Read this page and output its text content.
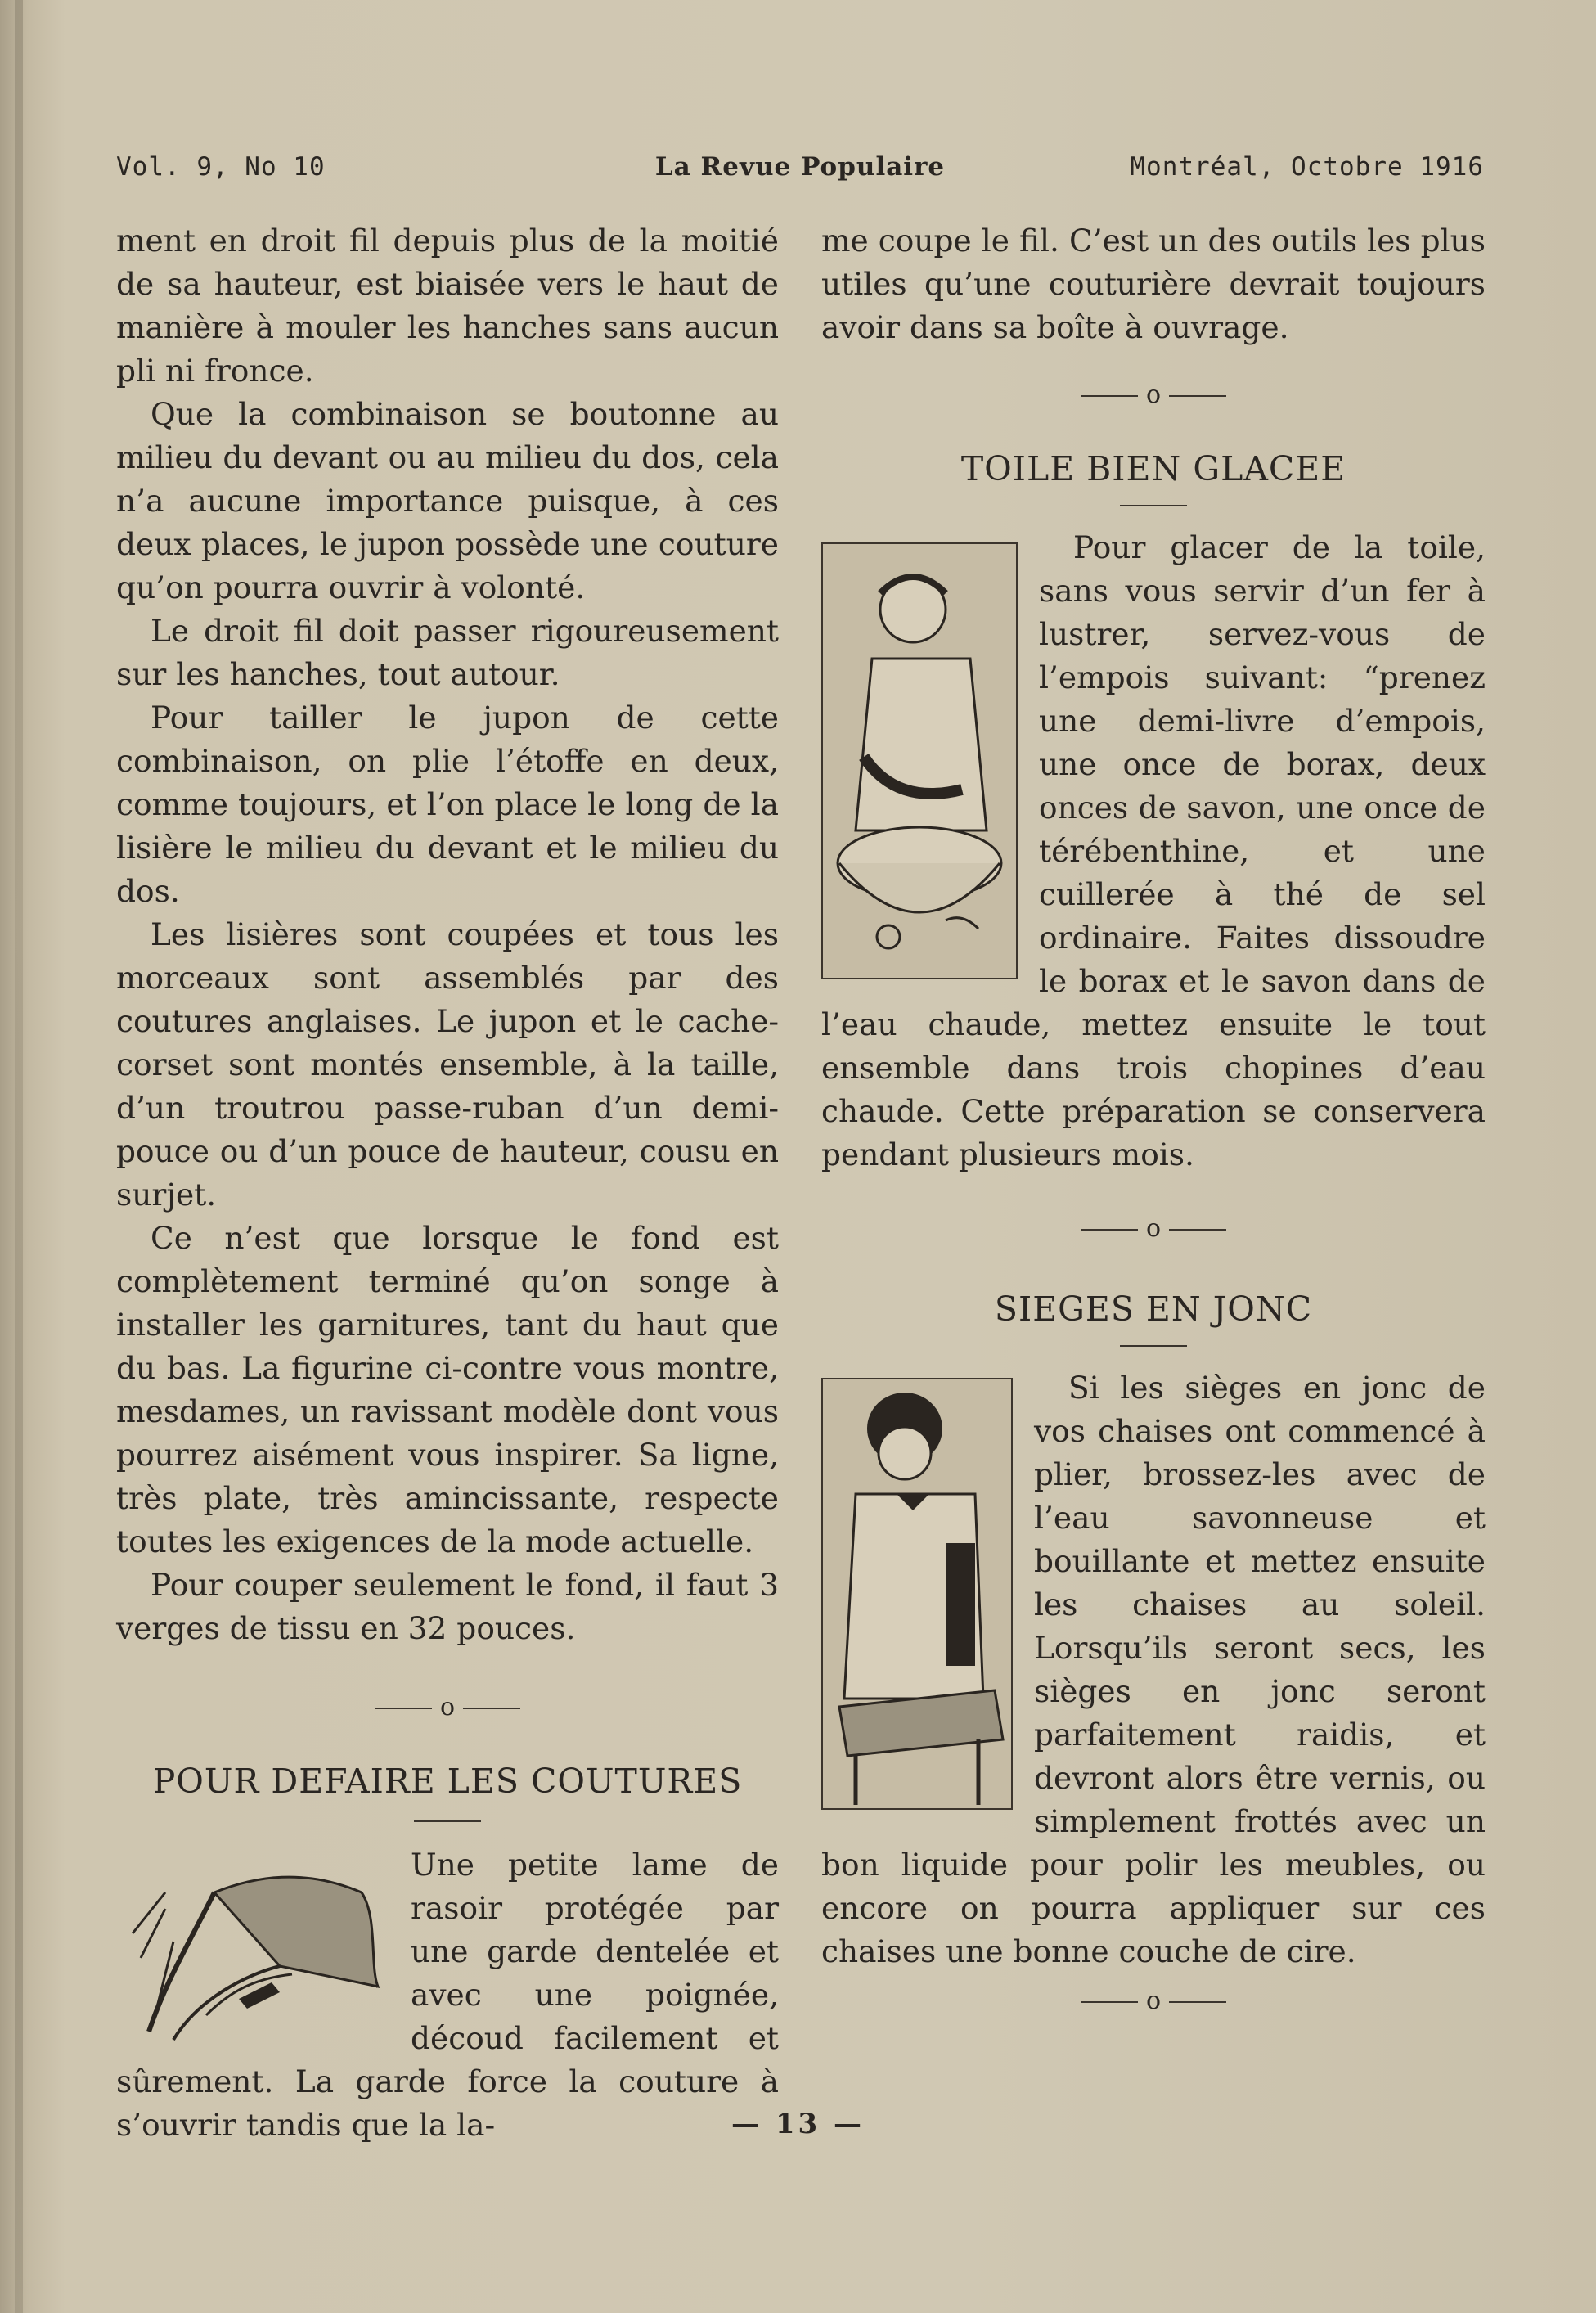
Vol. 9, No 10	La Revue Populaire	Montréal, Octobre 1916

ment en droit fil depuis plus de la moitié de sa hauteur, est biaisée vers le haut de manière à mouler les hanches sans aucun pli ni fronce.

Que la combinaison se boutonne au milieu du devant ou au milieu du dos, cela n’a aucune importance puisque, à ces deux places, le jupon possède une couture qu’on pourra ouvrir à volonté.

Le droit fil doit passer rigoureusement sur les hanches, tout autour.

Pour tailler le jupon de cette combinaison, on plie l’étoffe en deux, comme toujours, et l’on place le long de la lisière le milieu du devant et le milieu du dos.

Les lisières sont coupées et tous les morceaux sont assemblés par des coutures anglaises. Le jupon et le cache-corset sont montés ensemble, à la taille, d’un troutrou passe-ruban d’un demi-pouce ou d’un pouce de hauteur, cousu en surjet.

Ce n’est que lorsque le fond est complètement terminé qu’on songe à installer les garnitures, tant du haut que du bas. La figurine ci-contre vous montre, mesdames, un ravissant modèle dont vous pourrez aisément vous inspirer. Sa ligne, très plate, très amincissante, respecte toutes les exigences de la mode actuelle.

Pour couper seulement le fond, il faut 3 verges de tissu en 32 pouces.

o
POUR DEFAIRE LES COUTURES

Une petite lame de rasoir protégée par une garde dentelée et avec une poignée, découd facilement et sûrement. La garde force la couture à s’ouvrir tandis que la la-

me coupe le fil. C’est un des outils les plus utiles qu’une couturière devrait toujours avoir dans sa boîte à ouvrage.

o
TOILE BIEN GLACEE

Pour glacer de la toile, sans vous servir d’un fer à lustrer, servez-vous de l’empois suivant: “prenez une demi-livre d’empois, une once de borax, deux onces de savon, une once de térébenthine, et une cuillerée à thé de sel ordinaire. Faites dissoudre le borax et le savon dans de l’eau chaude, mettez ensuite le tout ensemble dans trois chopines d’eau chaude. Cette préparation se conservera pendant plusieurs mois.

o
SIEGES EN JONC

Si les sièges en jonc de vos chaises ont commencé à plier, brossez-les avec de l’eau savonneuse et bouillante et mettez ensuite les chaises au soleil. Lorsqu’ils seront secs, les sièges en jonc seront parfaitement raidis, et devront alors être vernis, ou simplement frottés avec un bon liquide pour polir les meubles, ou encore on pourra appliquer sur ces chaises une bonne couche de cire.

o
— 13 —
